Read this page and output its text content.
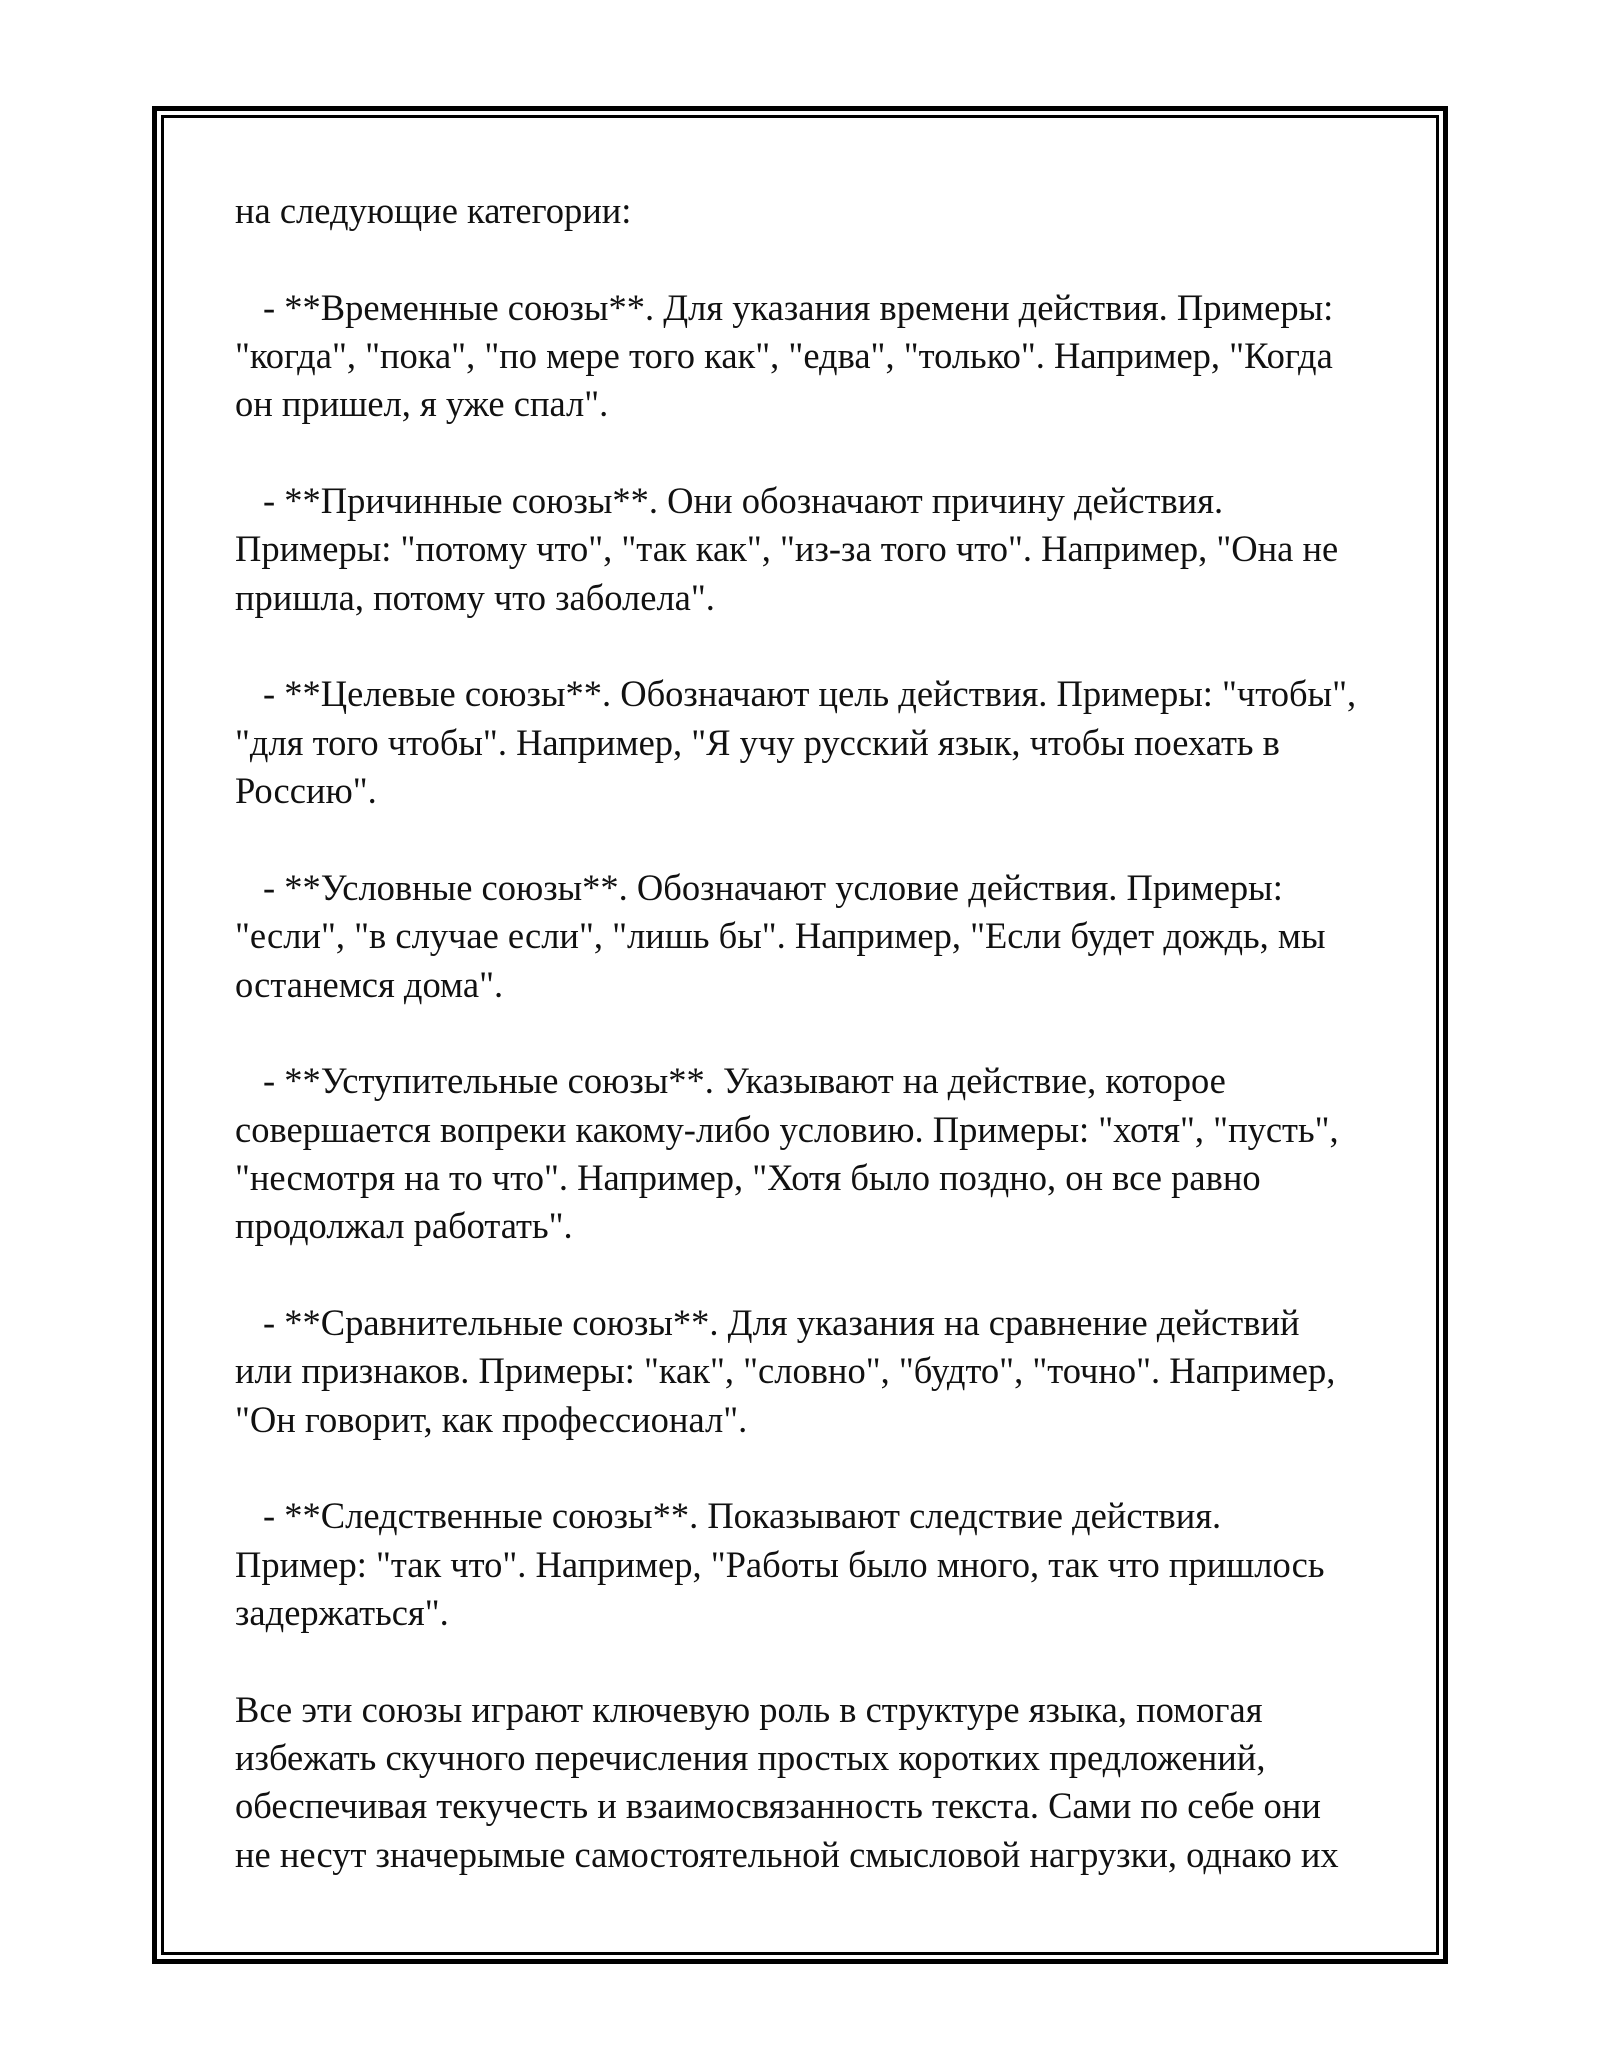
на следующие категории:
- **Временные союзы**. Для указания времени действия. Примеры:
"когда", "пока", "по мере того как", "едва", "только". Например, "Когда
он пришел, я уже спал".
- **Причинные союзы**. Они обозначают причину действия.
Примеры: "потому что", "так как", "из-за того что". Например, "Она не
пришла, потому что заболела".
- **Целевые союзы**. Обозначают цель действия. Примеры: "чтобы",
"для того чтобы". Например, "Я учу русский язык, чтобы поехать в
Россию".
- **Условные союзы**. Обозначают условие действия. Примеры:
"если", "в случае если", "лишь бы". Например, "Если будет дождь, мы
останемся дома".
- **Уступительные союзы**. Указывают на действие, которое
совершается вопреки какому-либо условию. Примеры: "хотя", "пусть",
"несмотря на то что". Например, "Хотя было поздно, он все равно
продолжал работать".
- **Сравнительные союзы**. Для указания на сравнение действий
или признаков. Примеры: "как", "словно", "будто", "точно". Например,
"Он говорит, как профессионал".
- **Следственные союзы**. Показывают следствие действия.
Пример: "так что". Например, "Работы было много, так что пришлось
задержаться".
Все эти союзы играют ключевую роль в структуре языка, помогая
избежать скучного перечисления простых коротких предложений,
обеспечивая текучесть и взаимосвязанность текста. Сами по себе они
не несут значерымые самостоятельной смысловой нагрузки, однако их
